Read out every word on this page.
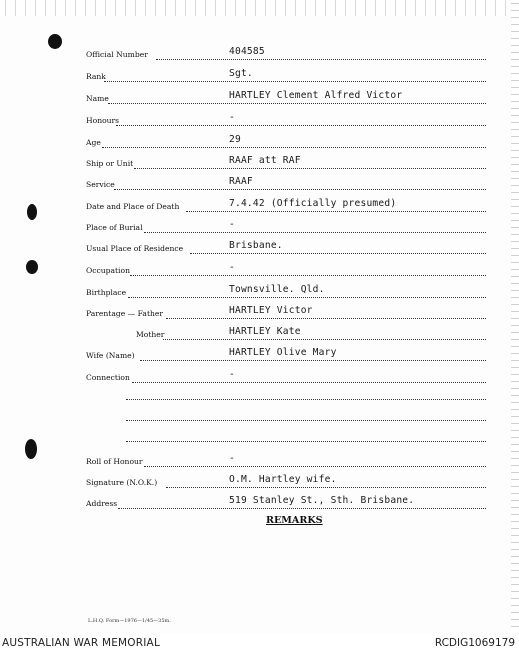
Official Number	404585
Rank	Sgt.
Name	HARTLEY Clement Alfred Victor
Honours	-
Age	29
Ship or Unit	RAAF att RAF
Service	RAAF
Date and Place of Death	7.4.42 (Officially presumed)
Place of Burial	-
Usual Place of Residence	Brisbane.
Occupation	-
Birthplace	Townsville. Qld.
Parentage — Father	HARTLEY Victor
Mother	HARTLEY Kate
Wife (Name)	HARTLEY Olive Mary
Connection	-
Roll of Honour	-
Signature (N.O.K.)	O.M. Hartley wife.
Address	519 Stanley St., Sth. Brisbane.
REMARKS
L.H.Q. Form—1976—1/45—35m.
AUSTRALIAN WAR MEMORIAL	RCDIG1069179
